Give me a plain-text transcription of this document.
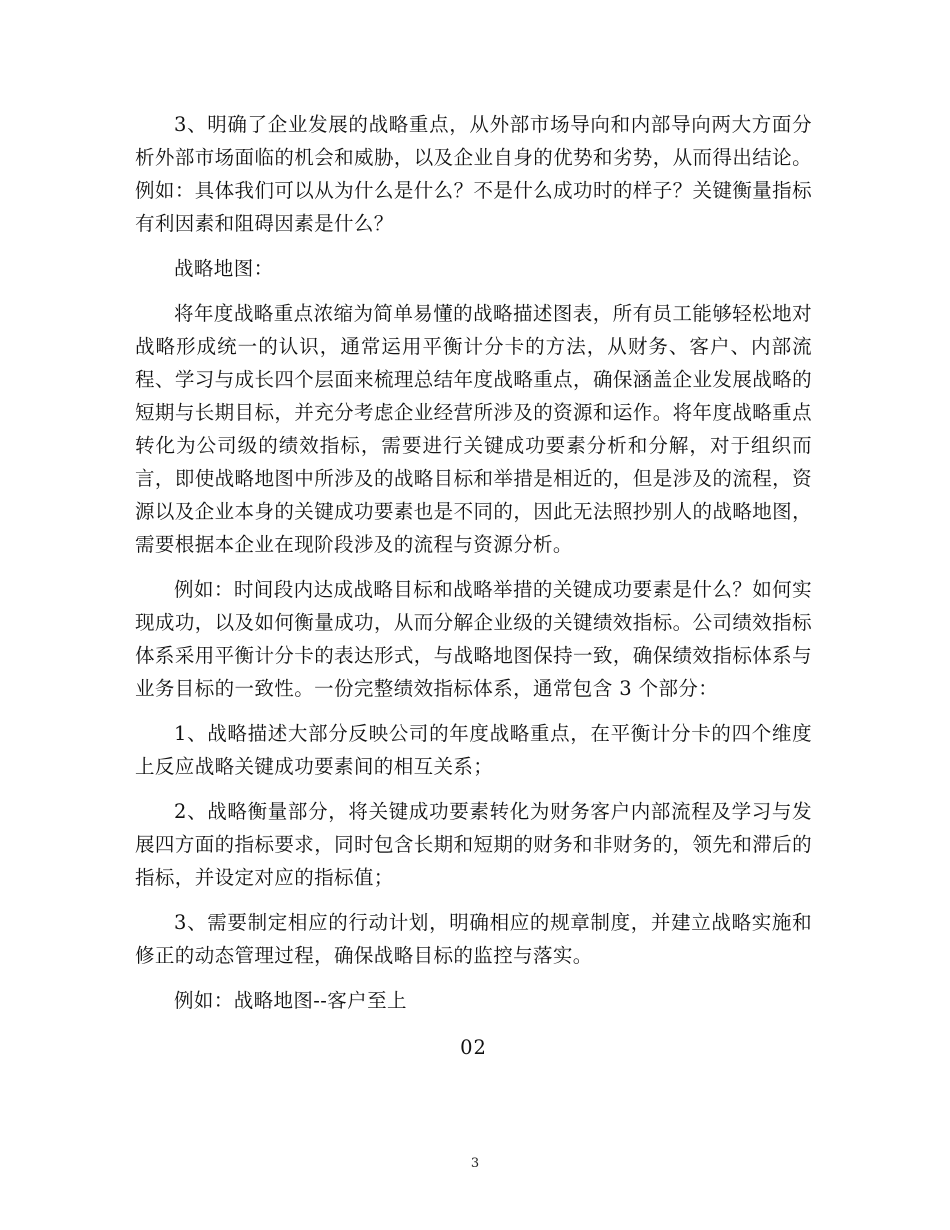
3、明确了企业发展的战略重点，从外部市场导向和内部导向两大方面分析外部市场面临的机会和威胁，以及企业自身的优势和劣势，从而得出结论。例如：具体我们可以从为什么是什么？不是什么成功时的样子？关键衡量指标有利因素和阻碍因素是什么？

战略地图：

将年度战略重点浓缩为简单易懂的战略描述图表，所有员工能够轻松地对战略形成统一的认识，通常运用平衡计分卡的方法，从财务、客户、内部流程、学习与成长四个层面来梳理总结年度战略重点，确保涵盖企业发展战略的短期与长期目标，并充分考虑企业经营所涉及的资源和运作。将年度战略重点转化为公司级的绩效指标，需要进行关键成功要素分析和分解，对于组织而言，即使战略地图中所涉及的战略目标和举措是相近的，但是涉及的流程，资源以及企业本身的关键成功要素也是不同的，因此无法照抄别人的战略地图，需要根据本企业在现阶段涉及的流程与资源分析。

例如：时间段内达成战略目标和战略举措的关键成功要素是什么？如何实现成功，以及如何衡量成功，从而分解企业级的关键绩效指标。公司绩效指标体系采用平衡计分卡的表达形式，与战略地图保持一致，确保绩效指标体系与业务目标的一致性。一份完整绩效指标体系，通常包含 3 个部分：

1、战略描述大部分反映公司的年度战略重点，在平衡计分卡的四个维度上反应战略关键成功要素间的相互关系；

2、战略衡量部分，将关键成功要素转化为财务客户内部流程及学习与发展四方面的指标要求，同时包含长期和短期的财务和非财务的，领先和滞后的指标，并设定对应的指标值；

3、需要制定相应的行动计划，明确相应的规章制度，并建立战略实施和修正的动态管理过程，确保战略目标的监控与落实。

例如：战略地图--客户至上

02

3
